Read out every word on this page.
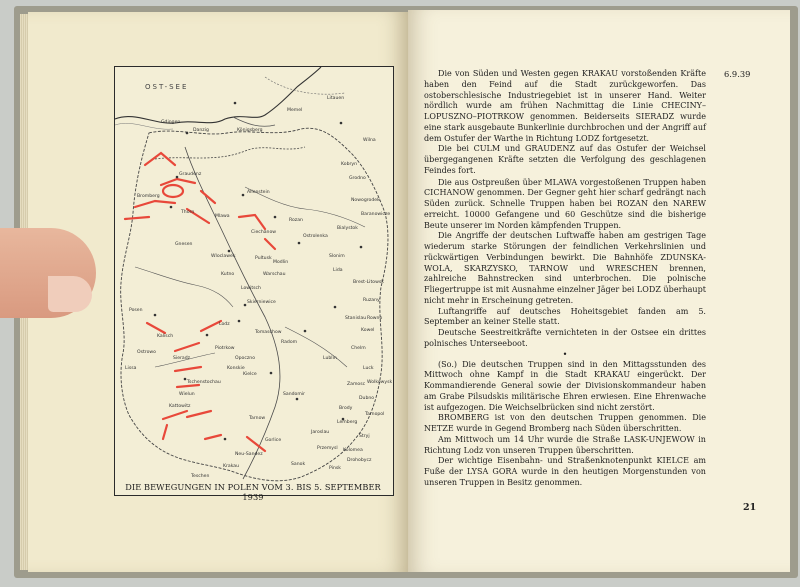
OST-SEE
Litauen
Memel
Königsberg
Danzig
Gdingen
Bromberg
Graudenz
Thorn
Allenstein
Mlawa
Ciechanow
Rozan
Ostrolenka
Bialystok
Warschau
Posen
Lodz
Kalisch
Sieradz
Piotrkow
Tschenstochau
Krakau
Tarnow
Lemberg
Przemysl
Lublin
Radom
Kielce
Sandomir
Brest-Litowsk
Kattowitz
Teschen
Pultusk
Wloclawek
Kutno
Lowitsch
Modlin
Skierniewice
Tomaschow
Opoczno
Konskie
Chelm
Zamosc
Jaroslau
Sanok
Gorlice
Neu-Sandez
Wielun
Gnesen
Lissa
Ostrowo
Ruzany
Grodno
Wilna
Nowogrodek
Baranowicze
Slonim
Kowel
Luck
Dubno
Brody
Tarnopol
Stryj
Drohobycz
Pinsk
Rowno
Wolkowysk
Lida
Kobryn
Stanislau
Kolomea
DIE BEWEGUNGEN IN POLEN VOM 3. BIS 5. SEPTEMBER 1939
6.9.39

Die von Süden und Westen gegen KRAKAU vorstoßenden Kräfte haben den Feind auf die Stadt zurückgeworfen. Das ostoberschlesische Industriegebiet ist in unserer Hand. Weiter nördlich wurde am frühen Nachmittag die Linie CHECINY–LOPUSZNO–PIOTRKOW genommen. Beiderseits SIERADZ wurde eine stark ausgebaute Bunkerlinie durchbrochen und der Angriff auf dem Ostufer der Warthe in Richtung LODZ fortgesetzt.

Die bei CULM und GRAUDENZ auf das Ostufer der Weichsel übergegangenen Kräfte setzten die Verfolgung des geschlagenen Feindes fort.

Die aus Ostpreußen über MLAWA vorgestoßenen Truppen haben CICHANOW genommen. Der Gegner geht hier scharf gedrängt nach Süden zurück. Schnelle Truppen haben bei ROZAN den NAREW erreicht. 10000 Gefangene und 60 Geschütze sind die bisherige Beute unserer im Norden kämpfenden Truppen.

Die Angriffe der deutschen Luftwaffe haben am gestrigen Tage wiederum starke Störungen der feindlichen Verkehrslinien und rückwärtigen Verbindungen bewirkt. Die Bahnhöfe ZDUNSKA-WOLA, SKARZYSKO, TARNOW und WRESCHEN brennen, zahlreiche Bahnstrecken sind unterbrochen. Die polnische Fliegertruppe ist mit Ausnahme einzelner Jäger bei LODZ überhaupt nicht mehr in Erscheinung getreten.

Luftangriffe auf deutsches Hoheitsgebiet fanden am 5. September an keiner Stelle statt.

Deutsche Seestreitkräfte vernichteten in der Ostsee ein drittes polnisches Unterseeboot.

•

(So.) Die deutschen Truppen sind in den Mittagsstunden des Mittwoch ohne Kampf in die Stadt KRAKAU eingerückt. Der Kommandierende General sowie der Divisionskommandeur haben am Grabe Pilsudskis militärische Ehren erwiesen. Eine Ehrenwache ist aufgezogen. Die Weichselbrücken sind nicht zerstört.

BROMBERG ist von den deutschen Truppen genommen. Die NETZE wurde in Gegend Bromberg nach Süden überschritten.

Am Mittwoch um 14 Uhr wurde die Straße LASK-UNJEWOW in Richtung Lodz von unseren Truppen überschritten.

Der wichtige Eisenbahn- und Straßenknotenpunkt KIELCE am Fuße der LYSA GORA wurde in den heutigen Morgenstunden von unseren Truppen in Besitz genommen.

21
